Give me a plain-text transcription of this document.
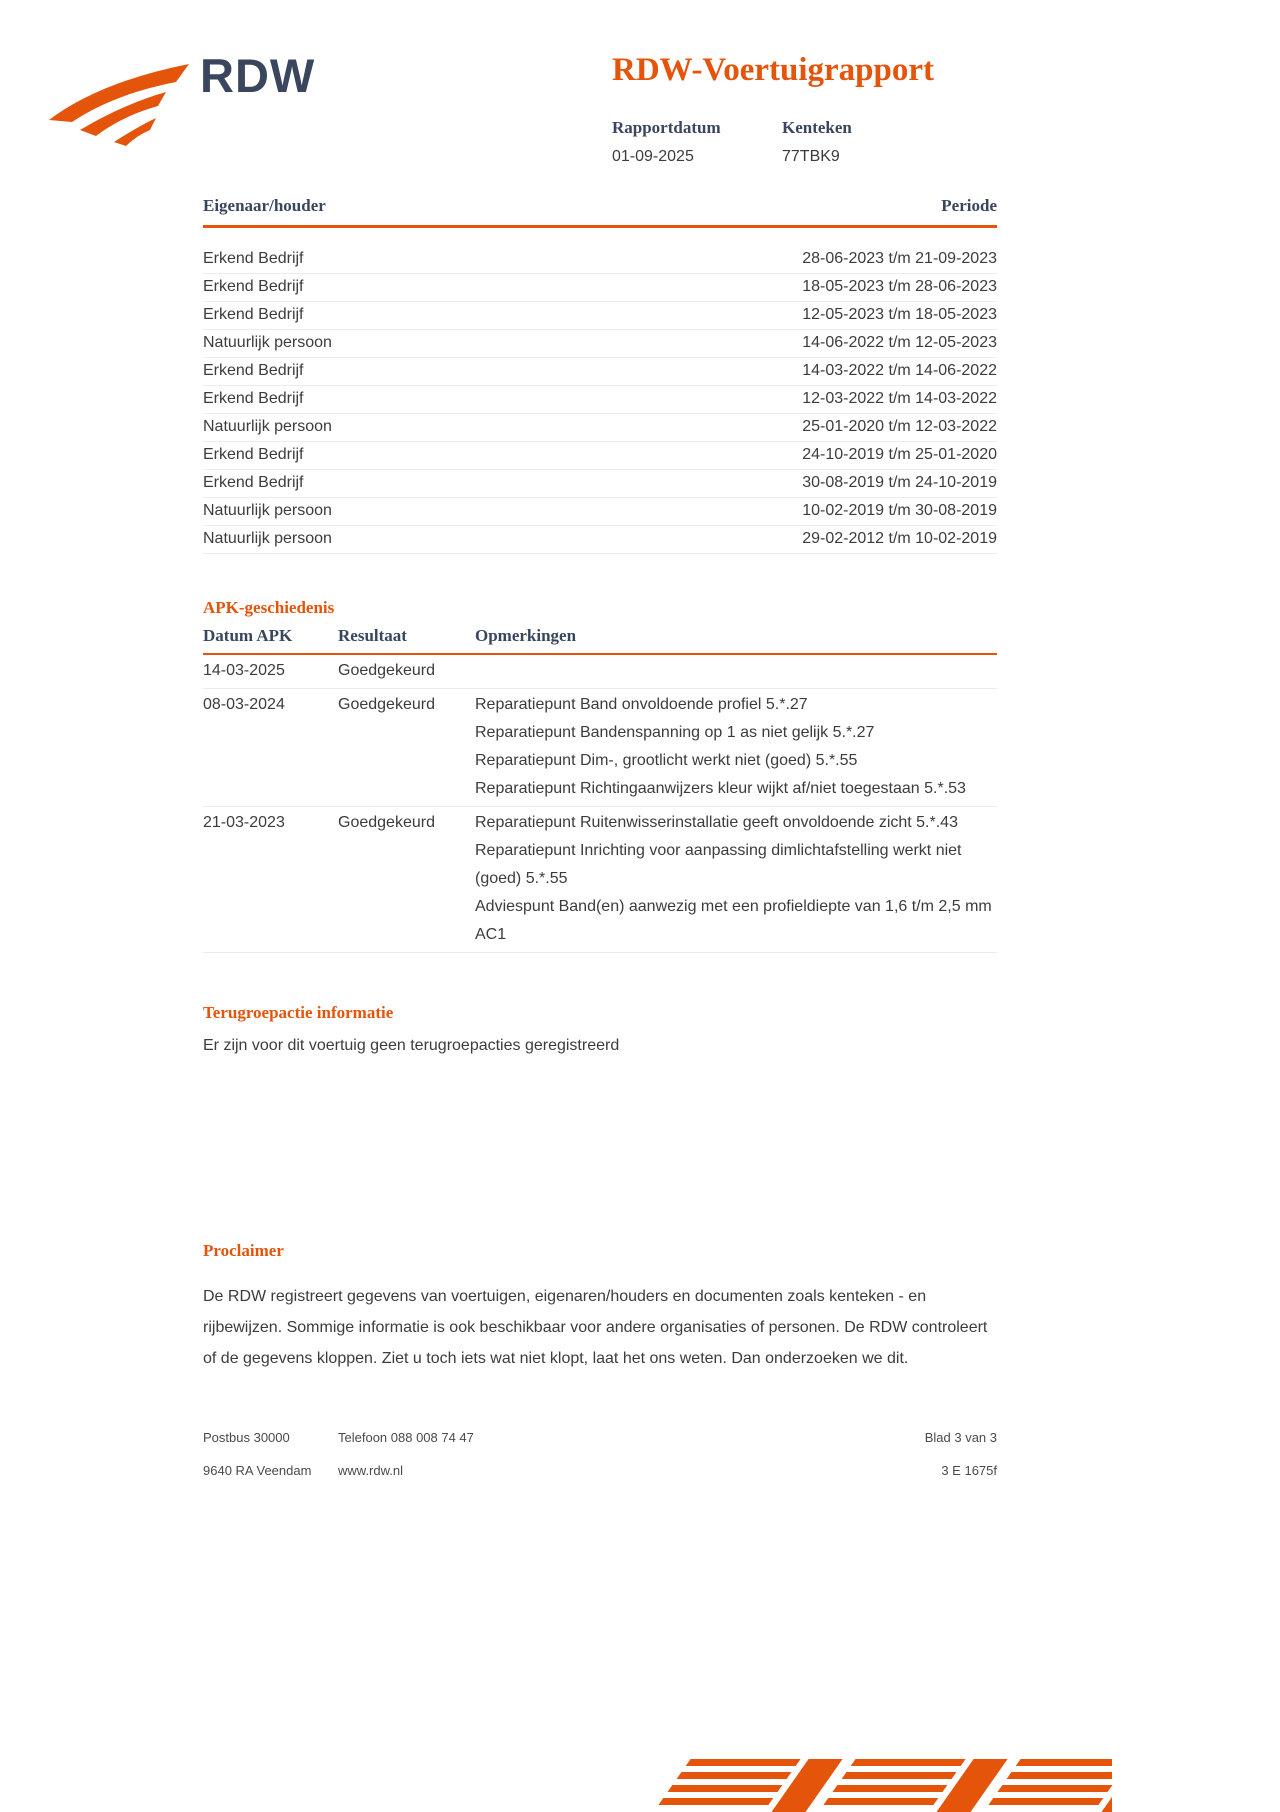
RDW	RDW-Voertuigrapport
Rapportdatum
01-09-2025
Kenteken
77TBK9
Eigenaar/houder	Periode
Erkend Bedrijf	28-06-2023 t/m 21-09-2023
Erkend Bedrijf	18-05-2023 t/m 28-06-2023
Erkend Bedrijf	12-05-2023 t/m 18-05-2023
Natuurlijk persoon	14-06-2022 t/m 12-05-2023
Erkend Bedrijf	14-03-2022 t/m 14-06-2022
Erkend Bedrijf	12-03-2022 t/m 14-03-2022
Natuurlijk persoon	25-01-2020 t/m 12-03-2022
Erkend Bedrijf	24-10-2019 t/m 25-01-2020
Erkend Bedrijf	30-08-2019 t/m 24-10-2019
Natuurlijk persoon	10-02-2019 t/m 30-08-2019
Natuurlijk persoon	29-02-2012 t/m 10-02-2019
APK-geschiedenis
Datum APK	Resultaat	Opmerkingen
14-03-2025	Goedgekeurd
08-03-2024	Goedgekeurd	Reparatiepunt Band onvoldoende profiel 5.*.27
Reparatiepunt Bandenspanning op 1 as niet gelijk 5.*.27
Reparatiepunt Dim-, grootlicht werkt niet (goed) 5.*.55
Reparatiepunt Richtingaanwijzers kleur wijkt af/niet toegestaan 5.*.53
21-03-2023	Goedgekeurd	Reparatiepunt Ruitenwisserinstallatie geeft onvoldoende zicht 5.*.43
Reparatiepunt Inrichting voor aanpassing dimlichtafstelling werkt niet (goed) 5.*.55
Adviespunt Band(en) aanwezig met een profieldiepte van 1,6 t/m 2,5 mm AC1
Terugroepactie informatie
Er zijn voor dit voertuig geen terugroepacties geregistreerd
Proclaimer
De RDW registreert gegevens van voertuigen, eigenaren/houders en documenten zoals kenteken - en rijbewijzen. Sommige informatie is ook beschikbaar voor andere organisaties of personen. De RDW controleert of de gegevens kloppen. Ziet u toch iets wat niet klopt, laat het ons weten. Dan onderzoeken we dit.
Postbus 30000	Telefoon 088 008 74 47	Blad 3 van 3
9640 RA Veendam	www.rdw.nl	3 E 1675f
